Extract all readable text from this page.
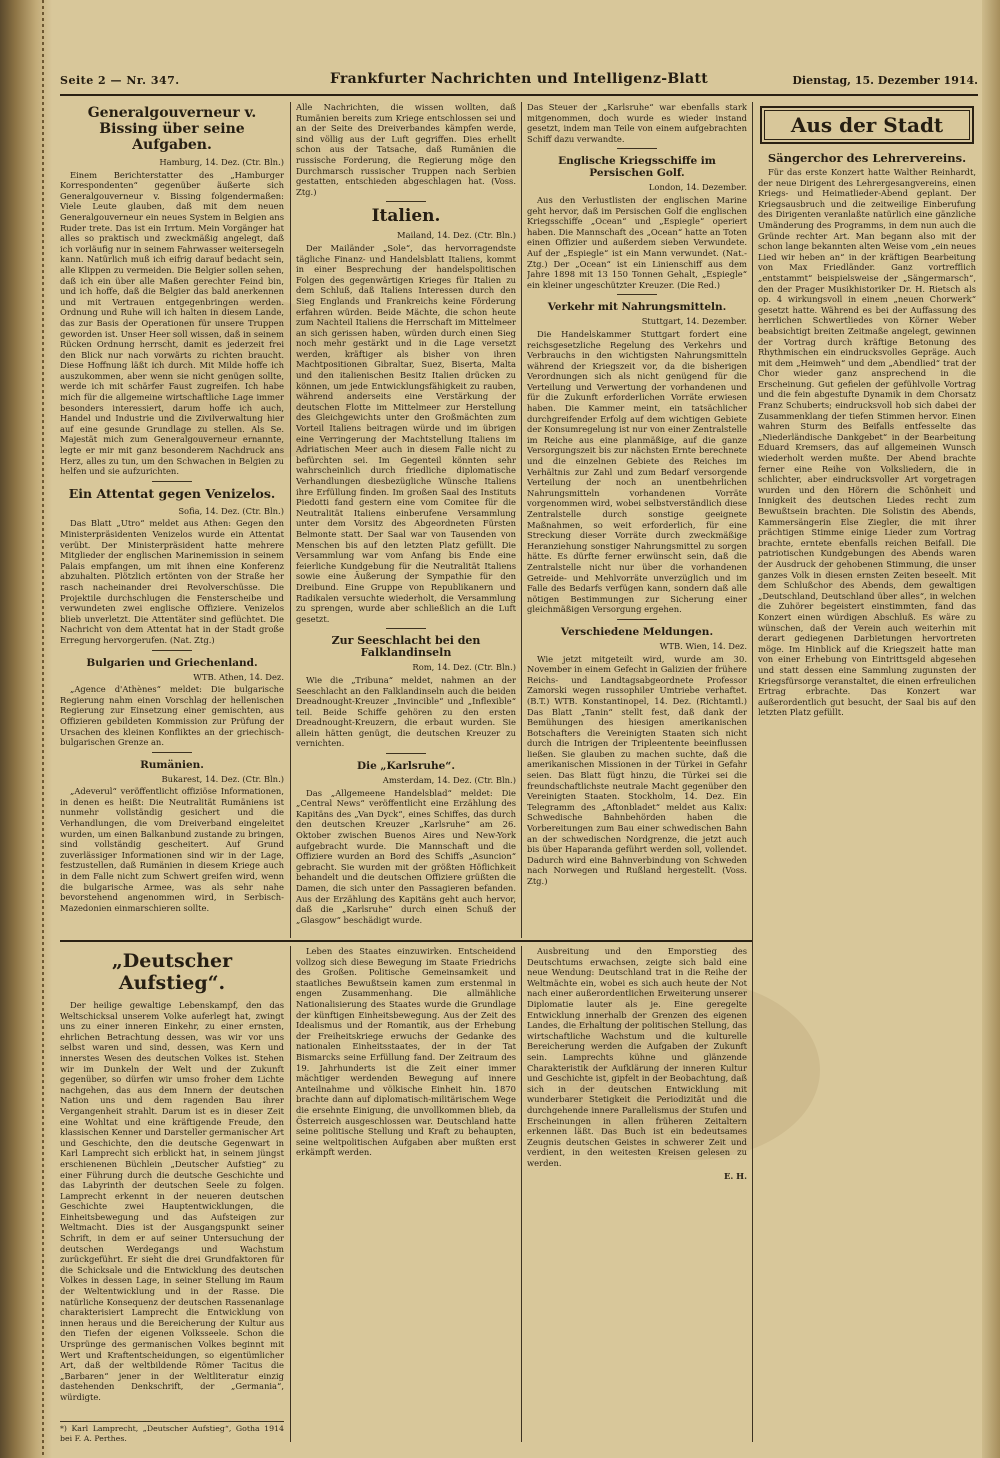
Seite 2 — Nr. 347.	Frankfurter Nachrichten und Intelligenz-Blatt	Dienstag, 15. Dezember 1914.
Generalgouverneur v. Bissing über seine Aufgaben.

Hamburg, 14. Dez. (Ctr. Bln.)

Einem Berichterstatter des „Hamburger Korrespondenten“ gegenüber äußerte sich Generalgouverneur v. Bissing folgendermaßen: Viele Leute glauben, daß mit dem neuen Generalgouverneur ein neues System in Belgien ans Ruder trete. Das ist ein Irrtum. Mein Vorgänger hat alles so praktisch und zweckmäßig angelegt, daß ich vorläufig nur in seinem Fahrwasser weitersegeln kann. Natürlich muß ich eifrig darauf bedacht sein, alle Klippen zu vermeiden. Die Belgier sollen sehen, daß ich ein über alle Maßen gerechter Feind bin, und ich hoffe, daß die Belgier das bald anerkennen und mit Vertrauen entgegenbringen werden. Ordnung und Ruhe will ich halten in diesem Lande, das zur Basis der Operationen für unsere Truppen geworden ist. Unser Heer soll wissen, daß in seinem Rücken Ordnung herrscht, damit es jederzeit frei den Blick nur nach vorwärts zu richten braucht. Diese Hoffnung läßt ich durch. Mit Milde hoffe ich auszukommen, aber wenn sie nicht genügen sollte, werde ich mit schärfer Faust zugreifen. Ich habe mich für die allgemeine wirtschaftliche Lage immer besonders interessiert, darum hoffe ich auch, Handel und Industrie und die Zivilverwaltung hier auf eine gesunde Grundlage zu stellen. Als Se. Majestät mich zum Generalgouverneur ernannte, legte er mir mit ganz besonderem Nachdruck ans Herz, alles zu tun, um den Schwachen in Belgien zu helfen und sie aufzurichten.

Ein Attentat gegen Venizelos.

Sofia, 14. Dez. (Ctr. Bln.)

Das Blatt „Utro“ meldet aus Athen: Gegen den Ministerpräsidenten Venizelos wurde ein Attentat verübt. Der Ministerpräsident hatte mehrere Mitglieder der englischen Marinemission in seinem Palais empfangen, um mit ihnen eine Konferenz abzuhalten. Plötzlich ertönten von der Straße her rasch nacheinander drei Revolverschüsse. Die Projektile durchschlugen die Fensterscheibe und verwundeten zwei englische Offiziere. Venizelos blieb unverletzt. Die Attentäter sind geflüchtet. Die Nachricht von dem Attentat hat in der Stadt große Erregung hervorgerufen. (Nat. Ztg.)

Bulgarien und Griechenland.

WTB. Athen, 14. Dez.

„Agence d'Athènes“ meldet: Die bulgarische Regierung nahm einen Vorschlag der hellenischen Regierung zur Einsetzung einer gemischten, aus Offizieren gebildeten Kommission zur Prüfung der Ursachen des kleinen Konfliktes an der griechisch-bulgarischen Grenze an.

Rumänien.

Bukarest, 14. Dez. (Ctr. Bln.)

„Adeverul“ veröffentlicht offiziöse Informationen, in denen es heißt: Die Neutralität Rumäniens ist nunmehr vollständig gesichert und die Verhandlungen, die vom Dreiverband eingeleitet wurden, um einen Balkanbund zustande zu bringen, sind vollständig gescheitert. Auf Grund zuverlässiger Informationen sind wir in der Lage, festzustellen, daß Rumänien in diesem Kriege auch in dem Falle nicht zum Schwert greifen wird, wenn die bulgarische Armee, was als sehr nahe bevorstehend angenommen wird, in Serbisch-Mazedonien einmarschieren sollte.

Alle Nachrichten, die wissen wollten, daß Rumänien bereits zum Kriege entschlossen sei und an der Seite des Dreiverbandes kämpfen werde, sind völlig aus der Luft gegriffen. Dies erhellt schon aus der Tatsache, daß Rumänien die russische Forderung, die Regierung möge den Durchmarsch russischer Truppen nach Serbien gestatten, entschieden abgeschlagen hat. (Voss. Ztg.)

Italien.

Mailand, 14. Dez. (Ctr. Bln.)

Der Mailänder „Sole“, das hervorragendste tägliche Finanz- und Handelsblatt Italiens, kommt in einer Besprechung der handelspolitischen Folgen des gegenwärtigen Krieges für Italien zu dem Schluß, daß Italiens Interessen durch den Sieg Englands und Frankreichs keine Förderung erfahren würden. Beide Mächte, die schon heute zum Nachteil Italiens die Herrschaft im Mittelmeer an sich gerissen haben, würden durch einen Sieg noch mehr gestärkt und in die Lage versetzt werden, kräftiger als bisher von ihren Machtpositionen Gibraltar, Suez, Biserta, Malta und den italienischen Besitz Italien drücken zu können, um jede Entwicklungsfähigkeit zu rauben, während anderseits eine Verstärkung der deutschen Flotte im Mittelmeer zur Herstellung des Gleichgewichts unter den Großmächten zum Vorteil Italiens beitragen würde und im übrigen eine Verringerung der Machtstellung Italiens im Adriatischen Meer auch in diesem Falle nicht zu befürchten sei. Im Gegenteil könnten sehr wahrscheinlich durch friedliche diplomatische Verhandlungen diesbezügliche Wünsche Italiens ihre Erfüllung finden. Im großen Saal des Instituts Piedotti fand gestern eine vom Comitee für die Neutralität Italiens einberufene Versammlung unter dem Vorsitz des Abgeordneten Fürsten Belmonte statt. Der Saal war von Tausenden von Menschen bis auf den letzten Platz gefüllt. Die Versammlung war vom Anfang bis Ende eine feierliche Kundgebung für die Neutralität Italiens sowie eine Äußerung der Sympathie für den Dreibund. Eine Gruppe von Republikanern und Radikalen versuchte wiederholt, die Versammlung zu sprengen, wurde aber schließlich an die Luft gesetzt.

Zur Seeschlacht bei den Falklandinseln

Rom, 14. Dez. (Ctr. Bln.)

Wie die „Tribuna“ meldet, nahmen an der Seeschlacht an den Falklandinseln auch die beiden Dreadnought-Kreuzer „Invincible“ und „Inflexible“ teil. Beide Schiffe gehören zu den ersten Dreadnought-Kreuzern, die erbaut wurden. Sie allein hätten genügt, die deutschen Kreuzer zu vernichten.

Die „Karlsruhe“.

Amsterdam, 14. Dez. (Ctr. Bln.)

Das „Allgemeene Handelsblad“ meldet: Die „Central News“ veröffentlicht eine Erzählung des Kapitäns des „Van Dyck“, eines Schiffes, das durch den deutschen Kreuzer „Karlsruhe“ am 26. Oktober zwischen Buenos Aires und New-York aufgebracht wurde. Die Mannschaft und die Offiziere wurden an Bord des Schiffs „Asuncion“ gebracht. Sie wurden mit der größten Höflichkeit behandelt und die deutschen Offiziere grüßten die Damen, die sich unter den Passagieren befanden. Aus der Erzählung des Kapitäns geht auch hervor, daß die „Karlsruhe“ durch einen Schuß der „Glasgow“ beschädigt wurde.

Das Steuer der „Karlsruhe“ war ebenfalls stark mitgenommen, doch wurde es wieder instand gesetzt, indem man Teile von einem aufgebrachten Schiff dazu verwandte.

Englische Kriegsschiffe im Persischen Golf.

London, 14. Dezember.

Aus den Verlustlisten der englischen Marine geht hervor, daß im Persischen Golf die englischen Kriegsschiffe „Ocean“ und „Espiegle“ operiert haben. Die Mannschaft des „Ocean“ hatte an Toten einen Offizier und außerdem sieben Verwundete. Auf der „Espiegle“ ist ein Mann verwundet. (Nat.-Ztg.) Der „Ocean“ ist ein Linienschiff aus dem Jahre 1898 mit 13 150 Tonnen Gehalt, „Espiegle“ ein kleiner ungeschützter Kreuzer. (Die Red.)

Verkehr mit Nahrungsmitteln.

Stuttgart, 14. Dezember.

Die Handelskammer Stuttgart fordert eine reichsgesetzliche Regelung des Verkehrs und Verbrauchs in den wichtigsten Nahrungsmitteln während der Kriegszeit vor, da die bisherigen Verordnungen sich als nicht genügend für die Verteilung und Verwertung der vorhandenen und für die Zukunft erforderlichen Vorräte erwiesen haben. Die Kammer meint, ein tatsächlicher durchgreifender Erfolg auf dem wichtigen Gebiete der Konsumregelung ist nur von einer Zentralstelle im Reiche aus eine planmäßige, auf die ganze Versorgungszeit bis zur nächsten Ernte berechnete und die einzelnen Gebiete des Reiches im Verhältnis zur Zahl und zum Bedarf versorgende Verteilung der noch an unentbehrlichen Nahrungsmitteln vorhandenen Vorräte vorgenommen wird, wobei selbstverständlich diese Zentralstelle durch sonstige geeignete Maßnahmen, so weit erforderlich, für eine Streckung dieser Vorräte durch zweckmäßige Heranziehung sonstiger Nahrungsmittel zu sorgen hätte. Es dürfte ferner erwünscht sein, daß die Zentralstelle nicht nur über die vorhandenen Getreide- und Mehlvorräte unverzüglich und im Falle des Bedarfs verfügen kann, sondern daß alle nötigen Bestimmungen zur Sicherung einer gleichmäßigen Versorgung ergehen.

Verschiedene Meldungen.

WTB. Wien, 14. Dez.

Wie jetzt mitgeteilt wird, wurde am 30. November in einem Gefecht in Galizien der frühere Reichs- und Landtagsabgeordnete Professor Zamorski wegen russophiler Umtriebe verhaftet. (B.T.) WTB. Konstantinopel, 14. Dez. (Richtamtl.) Das Blatt „Tanin“ stellt fest, daß dank der Bemühungen des hiesigen amerikanischen Botschafters die Vereinigten Staaten sich nicht durch die Intrigen der Tripleentente beeinflussen ließen. Sie glauben zu machen suchte, daß die amerikanischen Missionen in der Türkei in Gefahr seien. Das Blatt fügt hinzu, die Türkei sei die freundschaftlichste neutrale Macht gegenüber den Vereinigten Staaten. Stockholm, 14. Dez. Ein Telegramm des „Aftonbladet“ meldet aus Kalix: Schwedische Bahnbehörden haben die Vorbereitungen zum Bau einer schwedischen Bahn an der schwedischen Nordgrenze, die jetzt auch bis über Haparanda geführt werden soll, vollendet. Dadurch wird eine Bahnverbindung von Schweden nach Norwegen und Rußland hergestellt. (Voss. Ztg.)

Aus der Stadt
Sängerchor des Lehrervereins.

Für das erste Konzert hatte Walther Reinhardt, der neue Dirigent des Lehrergesangvereins, einen Kriegs- und Heimatlieder-Abend geplant. Der Kriegsausbruch und die zeitweilige Einberufung des Dirigenten veranlaßte natürlich eine gänzliche Umänderung des Programms, in dem nun auch die Gründe rechter Art. Man begann also mit der schon lange bekannten alten Weise vom „ein neues Lied wir heben an“ in der kräftigen Bearbeitung von Max Friedländer. Ganz vortrefflich „entstammt“ beispielsweise der „Sängermarsch“, den der Prager Musikhistoriker Dr. H. Rietsch als op. 4 wirkungsvoll in einem „neuen Chorwerk“ gesetzt hatte. Während es bei der Auffassung des herrlichen Schwertliedes von Körner Weber beabsichtigt breiten Zeitmaße angelegt, gewinnen der Vortrag durch kräftige Betonung des Rhythmischen ein eindrucksvolles Gepräge. Auch mit dem „Heimweh“ und dem „Abendlied“ trat der Chor wieder ganz ansprechend in die Erscheinung. Gut gefielen der gefühlvolle Vortrag und die fein abgestufte Dynamik in dem Chorsatz Franz Schuberts; eindrucksvoll hob sich dabei der Zusammenklang der tiefen Stimmen hervor. Einen wahren Sturm des Beifalls entfesselte das „Niederländische Dankgebet“ in der Bearbeitung Eduard Kremsers, das auf allgemeinen Wunsch wiederholt werden mußte. Der Abend brachte ferner eine Reihe von Volksliedern, die in schlichter, aber eindrucksvoller Art vorgetragen wurden und den Hörern die Schönheit und Innigkeit des deutschen Liedes recht zum Bewußtsein brachten. Die Solistin des Abends, Kammersängerin Else Ziegler, die mit ihrer prächtigen Stimme einige Lieder zum Vortrag brachte, erntete ebenfalls reichen Beifall. Die patriotischen Kundgebungen des Abends waren der Ausdruck der gehobenen Stimmung, die unser ganzes Volk in diesen ernsten Zeiten beseelt. Mit dem Schlußchor des Abends, dem gewaltigen „Deutschland, Deutschland über alles“, in welchen die Zuhörer begeistert einstimmten, fand das Konzert einen würdigen Abschluß. Es wäre zu wünschen, daß der Verein auch weiterhin mit derart gediegenen Darbietungen hervortreten möge. Im Hinblick auf die Kriegszeit hatte man von einer Erhebung von Eintrittsgeld abgesehen und statt dessen eine Sammlung zugunsten der Kriegsfürsorge veranstaltet, die einen erfreulichen Ertrag erbrachte. Das Konzert war außerordentlich gut besucht, der Saal bis auf den letzten Platz gefüllt.

„Deutscher Aufstieg“.

Der heilige gewaltige Lebenskampf, den das Weltschicksal unserem Volke auferlegt hat, zwingt uns zu einer inneren Einkehr, zu einer ernsten, ehrlichen Betrachtung dessen, was wir vor uns selbst waren und sind, dessen, was Kern und innerstes Wesen des deutschen Volkes ist. Stehen wir im Dunkeln der Welt und der Zukunft gegenüber, so dürfen wir umso froher dem Lichte nachgehen, das aus dem Innern der deutschen Nation uns und dem ragenden Bau ihrer Vergangenheit strahlt. Darum ist es in dieser Zeit eine Wohltat und eine kräftigende Freude, den klassischen Kenner und Darsteller germanischer Art und Geschichte, den die deutsche Gegenwart in Karl Lamprecht sich erblickt hat, in seinem jüngst erschienenen Büchlein „Deutscher Aufstieg“ zu einer Führung durch die deutsche Geschichte und das Labyrinth der deutschen Seele zu folgen. Lamprecht erkennt in der neueren deutschen Geschichte zwei Hauptentwicklungen, die Einheitsbewegung und das Aufsteigen zur Weltmacht. Dies ist der Ausgangspunkt seiner Schrift, in dem er auf seiner Untersuchung der deutschen Werdegangs und Wachstum zurückgeführt. Er sieht die drei Grundfaktoren für die Schicksale und die Entwicklung des deutschen Volkes in dessen Lage, in seiner Stellung im Raum der Weltentwicklung und in der Rasse. Die natürliche Konsequenz der deutschen Rassenanlage charakterisiert Lamprecht die Entwicklung von innen heraus und die Bereicherung der Kultur aus den Tiefen der eigenen Volksseele. Schon die Ursprünge des germanischen Volkes beginnt mit Wert und Kraftentscheidungen, so eigentümlicher Art, daß der weltbildende Römer Tacitus die „Barbaren“ jener in der Weltliteratur einzig dastehenden Denkschrift, der „Germania“, würdigte.

Leben des Staates einzuwirken. Entscheidend vollzog sich diese Bewegung im Staate Friedrichs des Großen. Politische Gemeinsamkeit und staatliches Bewußtsein kamen zum erstenmal in engen Zusammenhang. Die allmähliche Nationalisierung des Staates wurde die Grundlage der künftigen Einheitsbewegung. Aus der Zeit des Idealismus und der Romantik, aus der Erhebung der Freiheitskriege erwuchs der Gedanke des nationalen Einheitsstaates, der in der Tat Bismarcks seine Erfüllung fand. Der Zeitraum des 19. Jahrhunderts ist die Zeit einer immer mächtiger werdenden Bewegung auf innere Anteilnahme und völkische Einheit hin. 1870 brachte dann auf diplomatisch-militärischem Wege die ersehnte Einigung, die unvollkommen blieb, da Österreich ausgeschlossen war. Deutschland hatte seine politische Stellung und Kraft zu behaupten, seine weltpolitischen Aufgaben aber mußten erst erkämpft werden.

Ausbreitung und den Emporstieg des Deutschtums erwachsen, zeigte sich bald eine neue Wendung: Deutschland trat in die Reihe der Weltmächte ein, wobei es sich auch heute der Not nach einer außerordentlichen Erweiterung unserer Diplomatie lauter als je. Eine geregelte Entwicklung innerhalb der Grenzen des eigenen Landes, die Erhaltung der politischen Stellung, das wirtschaftliche Wachstum und die kulturelle Bereicherung werden die Aufgaben der Zukunft sein. Lamprechts kühne und glänzende Charakteristik der Aufklärung der inneren Kultur und Geschichte ist, gipfelt in der Beobachtung, daß sich in der deutschen Entwicklung mit wunderbarer Stetigkeit die Periodizität und die durchgehende innere Parallelismus der Stufen und Erscheinungen in allen früheren Zeitaltern erkennen läßt. Das Buch ist ein bedeutsames Zeugnis deutschen Geistes in schwerer Zeit und verdient, in den weitesten Kreisen gelesen zu werden.

E. H.

*) Karl Lamprecht, „Deutscher Aufstieg“, Gotha 1914 bei F. A. Perthes.
